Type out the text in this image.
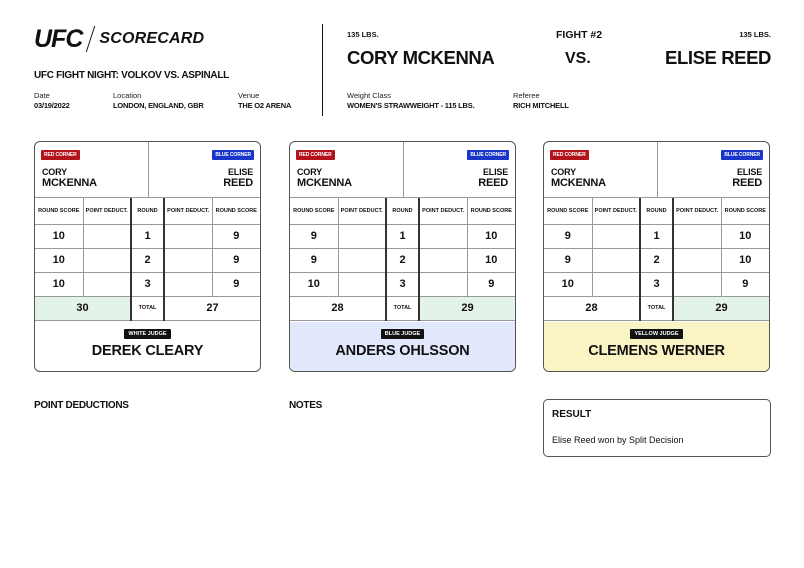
UFC SCORECARD
UFC FIGHT NIGHT: VOLKOV VS. ASPINALL
Date
03/19/2022
Location
LONDON, ENGLAND, GBR
Venue
THE O2 ARENA
135 LBS.
CORY MCKENNA
FIGHT #2
VS.
135 LBS.
ELISE REED
Weight Class
WOMEN'S STRAWWEIGHT - 115 LBS.
Referee
RICH MITCHELL
RED CORNER	BLUE CORNER
CORY
MCKENNA
ELISE
REED
ROUND SCORE	POINT DEDUCT.	ROUND	POINT DEDUCT.	ROUND SCORE
10		1		9
10		2		9
10		3		9
30		TOTAL	27	
WHITE JUDGE
DEREK CLEARY
RED CORNER	BLUE CORNER
CORY
MCKENNA
ELISE
REED
ROUND SCORE	POINT DEDUCT.	ROUND	POINT DEDUCT.	ROUND SCORE
9		1		10
9		2		10
10		3		9
28		TOTAL	29	
BLUE JUDGE
ANDERS OHLSSON
RED CORNER	BLUE CORNER
CORY
MCKENNA
ELISE
REED
ROUND SCORE	POINT DEDUCT.	ROUND	POINT DEDUCT.	ROUND SCORE
9		1		10
9		2		10
10		3		9
28		TOTAL	29	
YELLOW JUDGE
CLEMENS WERNER
POINT DEDUCTIONS	NOTES
RESULT
Elise Reed won by Split Decision
